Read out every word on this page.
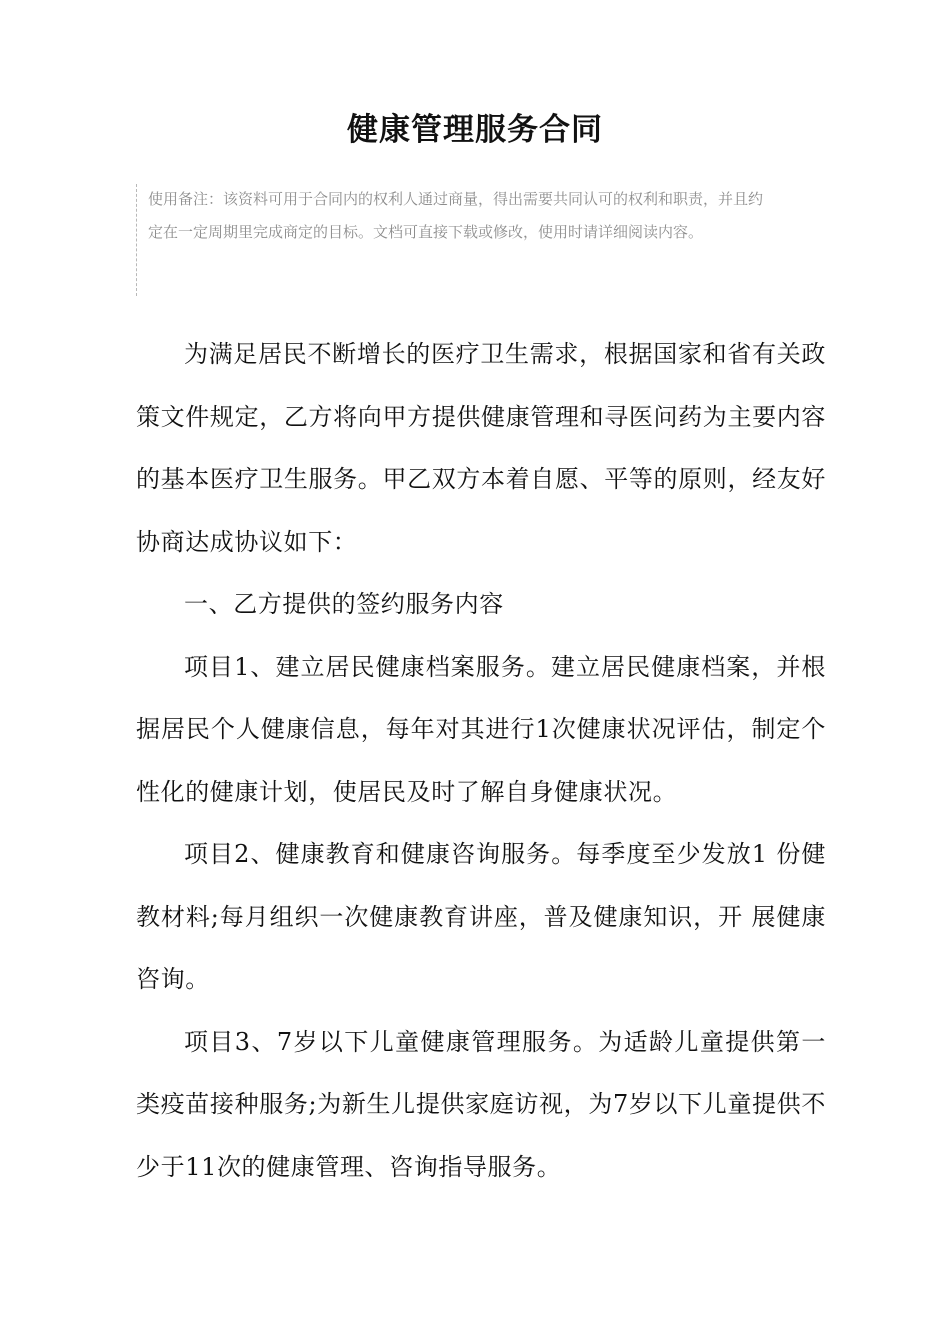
健康管理服务合同
使用备注：该资料可用于合同内的权利人通过商量，得出需要共同认可的权利和职责，并且约定在一定周期里完成商定的目标。文档可直接下载或修改，使用时请详细阅读内容。

为满足居民不断增长的医疗卫生需求，根据国家和省有关政策文件规定，乙方将向甲方提供健康管理和寻医问药为主要内容的基本医疗卫生服务。甲乙双方本着自愿、平等的原则，经友好协商达成协议如下：

一、乙方提供的签约服务内容

项目1、建立居民健康档案服务。建立居民健康档案，并根据居民个人健康信息，每年对其进行1次健康状况评估，制定个性化的健康计划，使居民及时了解自身健康状况。

项目2、健康教育和健康咨询服务。每季度至少发放1 份健教材料;每月组织一次健康教育讲座，普及健康知识，开 展健康咨询。

项目3、7岁以下儿童健康管理服务。为适龄儿童提供第一类疫苗接种服务;为新生儿提供家庭访视，为7岁以下儿童提供不少于11次的健康管理、咨询指导服务。
